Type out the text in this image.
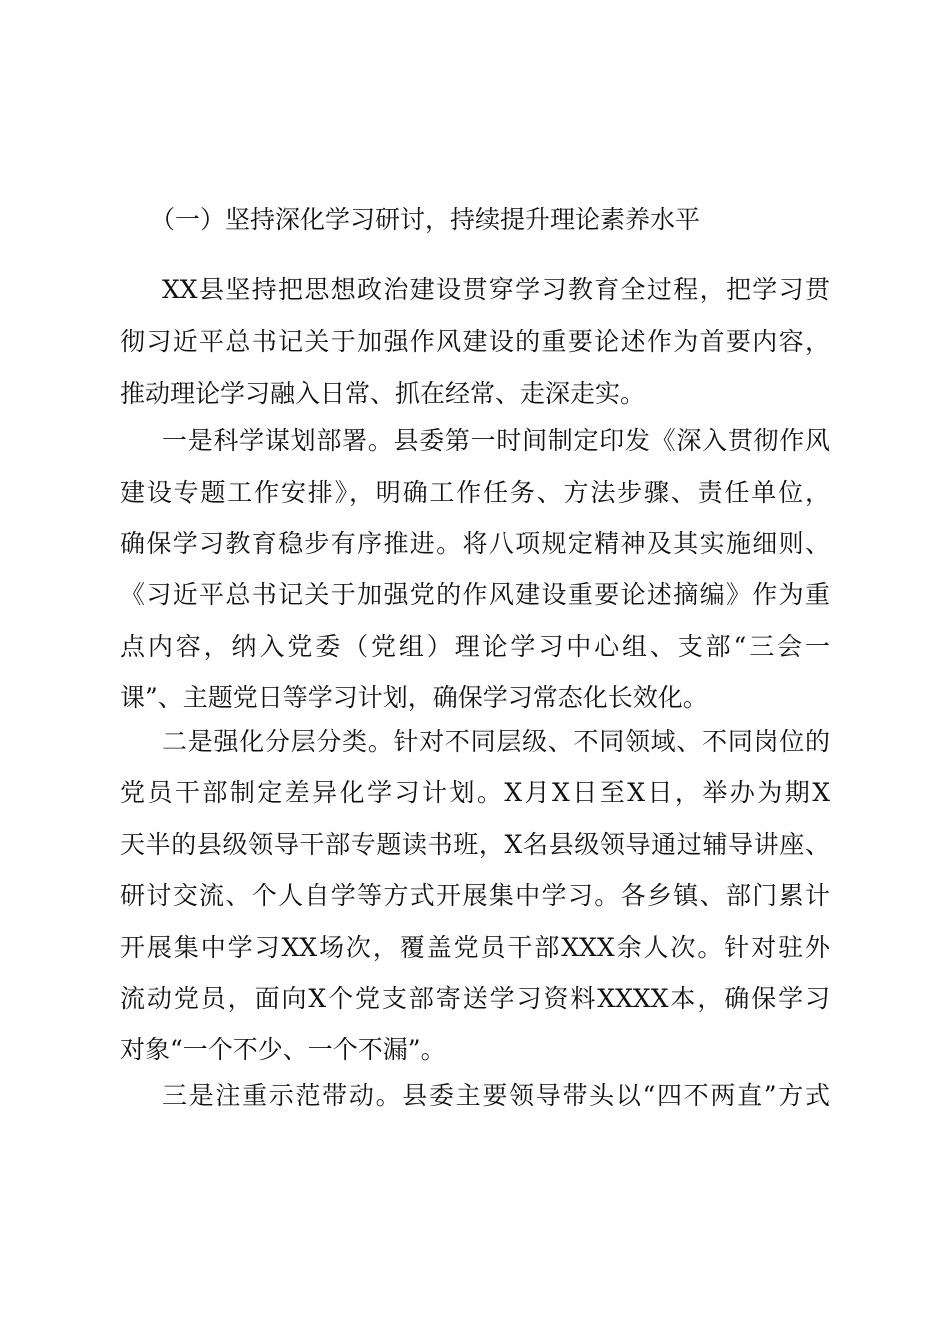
（一）坚持深化学习研讨，持续提升理论素养水平
XX县坚持把思想政治建设贯穿学习教育全过程，把学习贯
彻习近平总书记关于加强作风建设的重要论述作为首要内容，
推动理论学习融入日常、抓在经常、走深走实。
一是科学谋划部署。县委第一时间制定印发《深入贯彻作风
建设专题工作安排》，明确工作任务、方法步骤、责任单位，
确保学习教育稳步有序推进。将八项规定精神及其实施细则、
《习近平总书记关于加强党的作风建设重要论述摘编》作为重
点内容，纳入党委（党组）理论学习中心组、支部“三会一
课”、主题党日等学习计划，确保学习常态化长效化。
二是强化分层分类。针对不同层级、不同领域、不同岗位的
党员干部制定差异化学习计划。X月X日至X日，举办为期X
天半的县级领导干部专题读书班，X名县级领导通过辅导讲座、
研讨交流、个人自学等方式开展集中学习。各乡镇、部门累计
开展集中学习XX场次，覆盖党员干部XXX余人次。针对驻外
流动党员，面向X个党支部寄送学习资料XXXX本，确保学习
对象“一个不少、一个不漏”。
三是注重示范带动。县委主要领导带头以“四不两直”方式
